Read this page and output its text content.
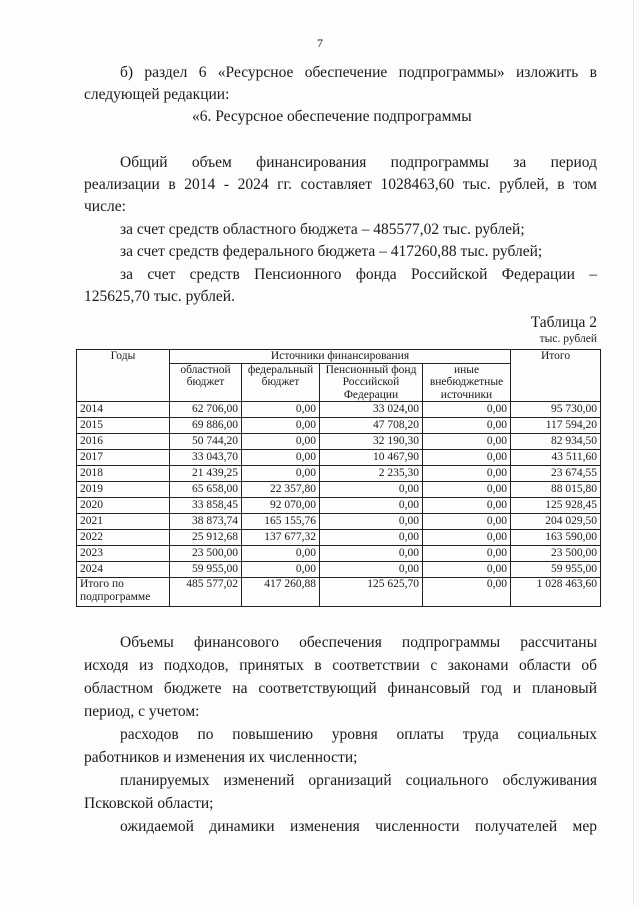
7

б) раздел 6 «Ресурсное обеспечение подпрограммы» изложить в

следующей редакции:

«6. Ресурсное обеспечение подпрограммы

Общий объем финансирования подпрограммы за период

реализации в 2014 - 2024 гг. составляет 1028463,60 тыс. рублей, в том

числе:

за счет средств областного бюджета – 485577,02 тыс. рублей;

за счет средств федерального бюджета – 417260,88 тыс. рублей;

за счет средств Пенсионного фонда Российской Федерации –

125625,70 тыс. рублей.

Таблица 2

тыс. рублей

Годы	Источники финансирования				Итого
	областной бюджет	федеральный бюджет	Пенсионный фонд Российской Федерации	иные внебюджетные источники	
2014	62 706,00	0,00	33 024,00	0,00	95 730,00
2015	69 886,00	0,00	47 708,20	0,00	117 594,20
2016	50 744,20	0,00	32 190,30	0,00	82 934,50
2017	33 043,70	0,00	10 467,90	0,00	43 511,60
2018	21 439,25	0,00	2 235,30	0,00	23 674,55
2019	65 658,00	22 357,80	0,00	0,00	88 015,80
2020	33 858,45	92 070,00	0,00	0,00	125 928,45
2021	38 873,74	165 155,76	0,00	0,00	204 029,50
2022	25 912,68	137 677,32	0,00	0,00	163 590,00
2023	23 500,00	0,00	0,00	0,00	23 500,00
2024	59 955,00	0,00	0,00	0,00	59 955,00
Итого по подпрограмме	485 577,02	417 260,88	125 625,70	0,00	1 028 463,60

Объемы финансового обеспечения подпрограммы рассчитаны

исходя из подходов, принятых в соответствии с законами области об

областном бюджете на соответствующий финансовый год и плановый

период, с учетом:

расходов по повышению уровня оплаты труда социальных

работников и изменения их численности;

планируемых изменений организаций социального обслуживания

Псковской области;

ожидаемой динамики изменения численности получателей мер
